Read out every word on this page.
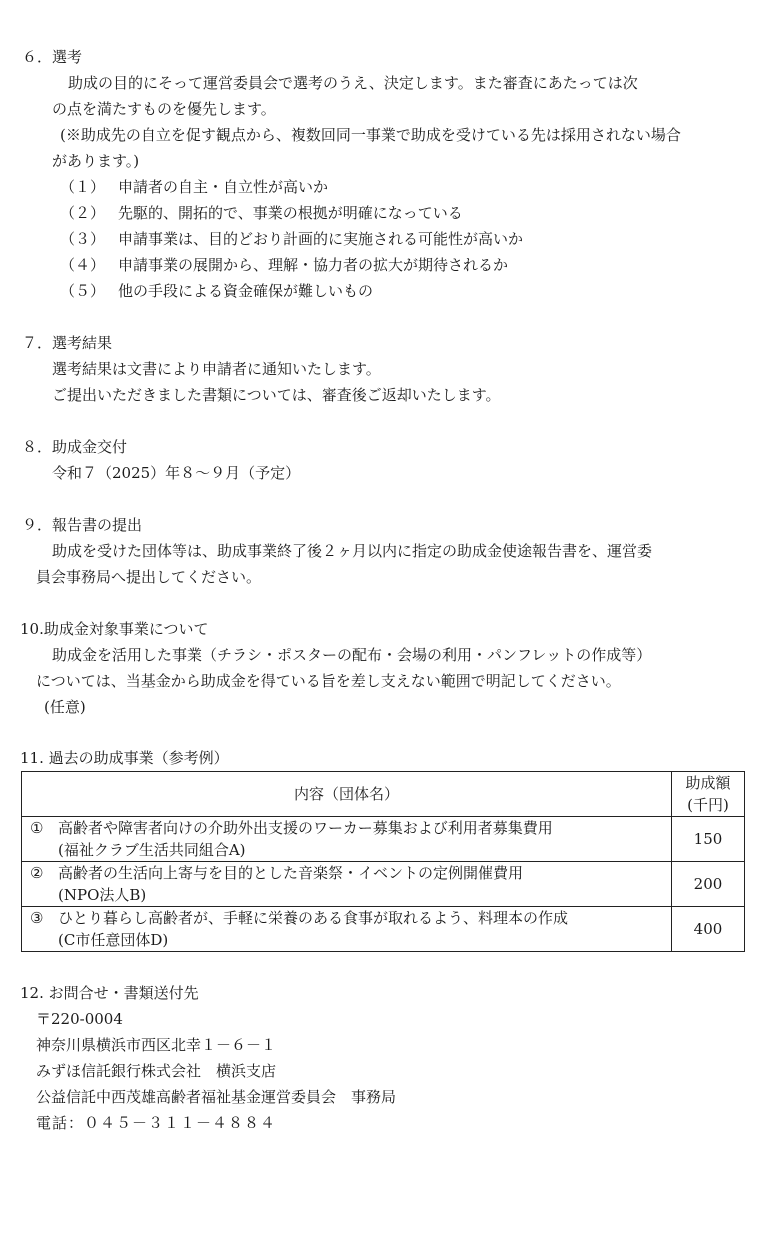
６．選考
助成の目的にそって運営委員会で選考のうえ、決定します。また審査にあたっては次
の点を満たすものを優先します。
(※助成先の自立を促す観点から、複数回同一事業で助成を受けている先は採用されない場合
があります。)
（１） 申請者の自主・自立性が高いか
（２） 先駆的、開拓的で、事業の根拠が明確になっている
（３） 申請事業は、目的どおり計画的に実施される可能性が高いか
（４） 申請事業の展開から、理解・協力者の拡大が期待されるか
（５） 他の手段による資金確保が難しいもの
７．選考結果
選考結果は文書により申請者に通知いたします。
ご提出いただきました書類については、審査後ご返却いたします。
８．助成金交付
令和７（2025）年８～９月（予定）
９．報告書の提出
助成を受けた団体等は、助成事業終了後２ヶ月以内に指定の助成金使途報告書を、運営委
員会事務局へ提出してください。
10.助成金対象事業について
助成金を活用した事業（チラシ・ポスターの配布・会場の利用・パンフレットの作成等）
については、当基金から助成金を得ている旨を差し支えない範囲で明記してください。
(任意)
11. 過去の助成事業（参考例）
内容（団体名）	助成額
(千円)

① 高齢者や障害者向けの介助外出支援のワーカー募集および利用者募集費用
(福祉クラブ生活共同組合A)	150

② 高齢者の生活向上寄与を目的とした音楽祭・イベントの定例開催費用
(NPO法人B)	200

③ ひとり暮らし高齢者が、手軽に栄養のある食事が取れるよう、料理本の作成
(C市任意団体D)	400
12. お問合せ・書類送付先
〒220-0004
神奈川県横浜市西区北幸１－６－１
みずほ信託銀行株式会社　横浜支店
公益信託中西茂雄高齢者福祉基金運営委員会　事務局
電話：０４５－３１１－４８８４
